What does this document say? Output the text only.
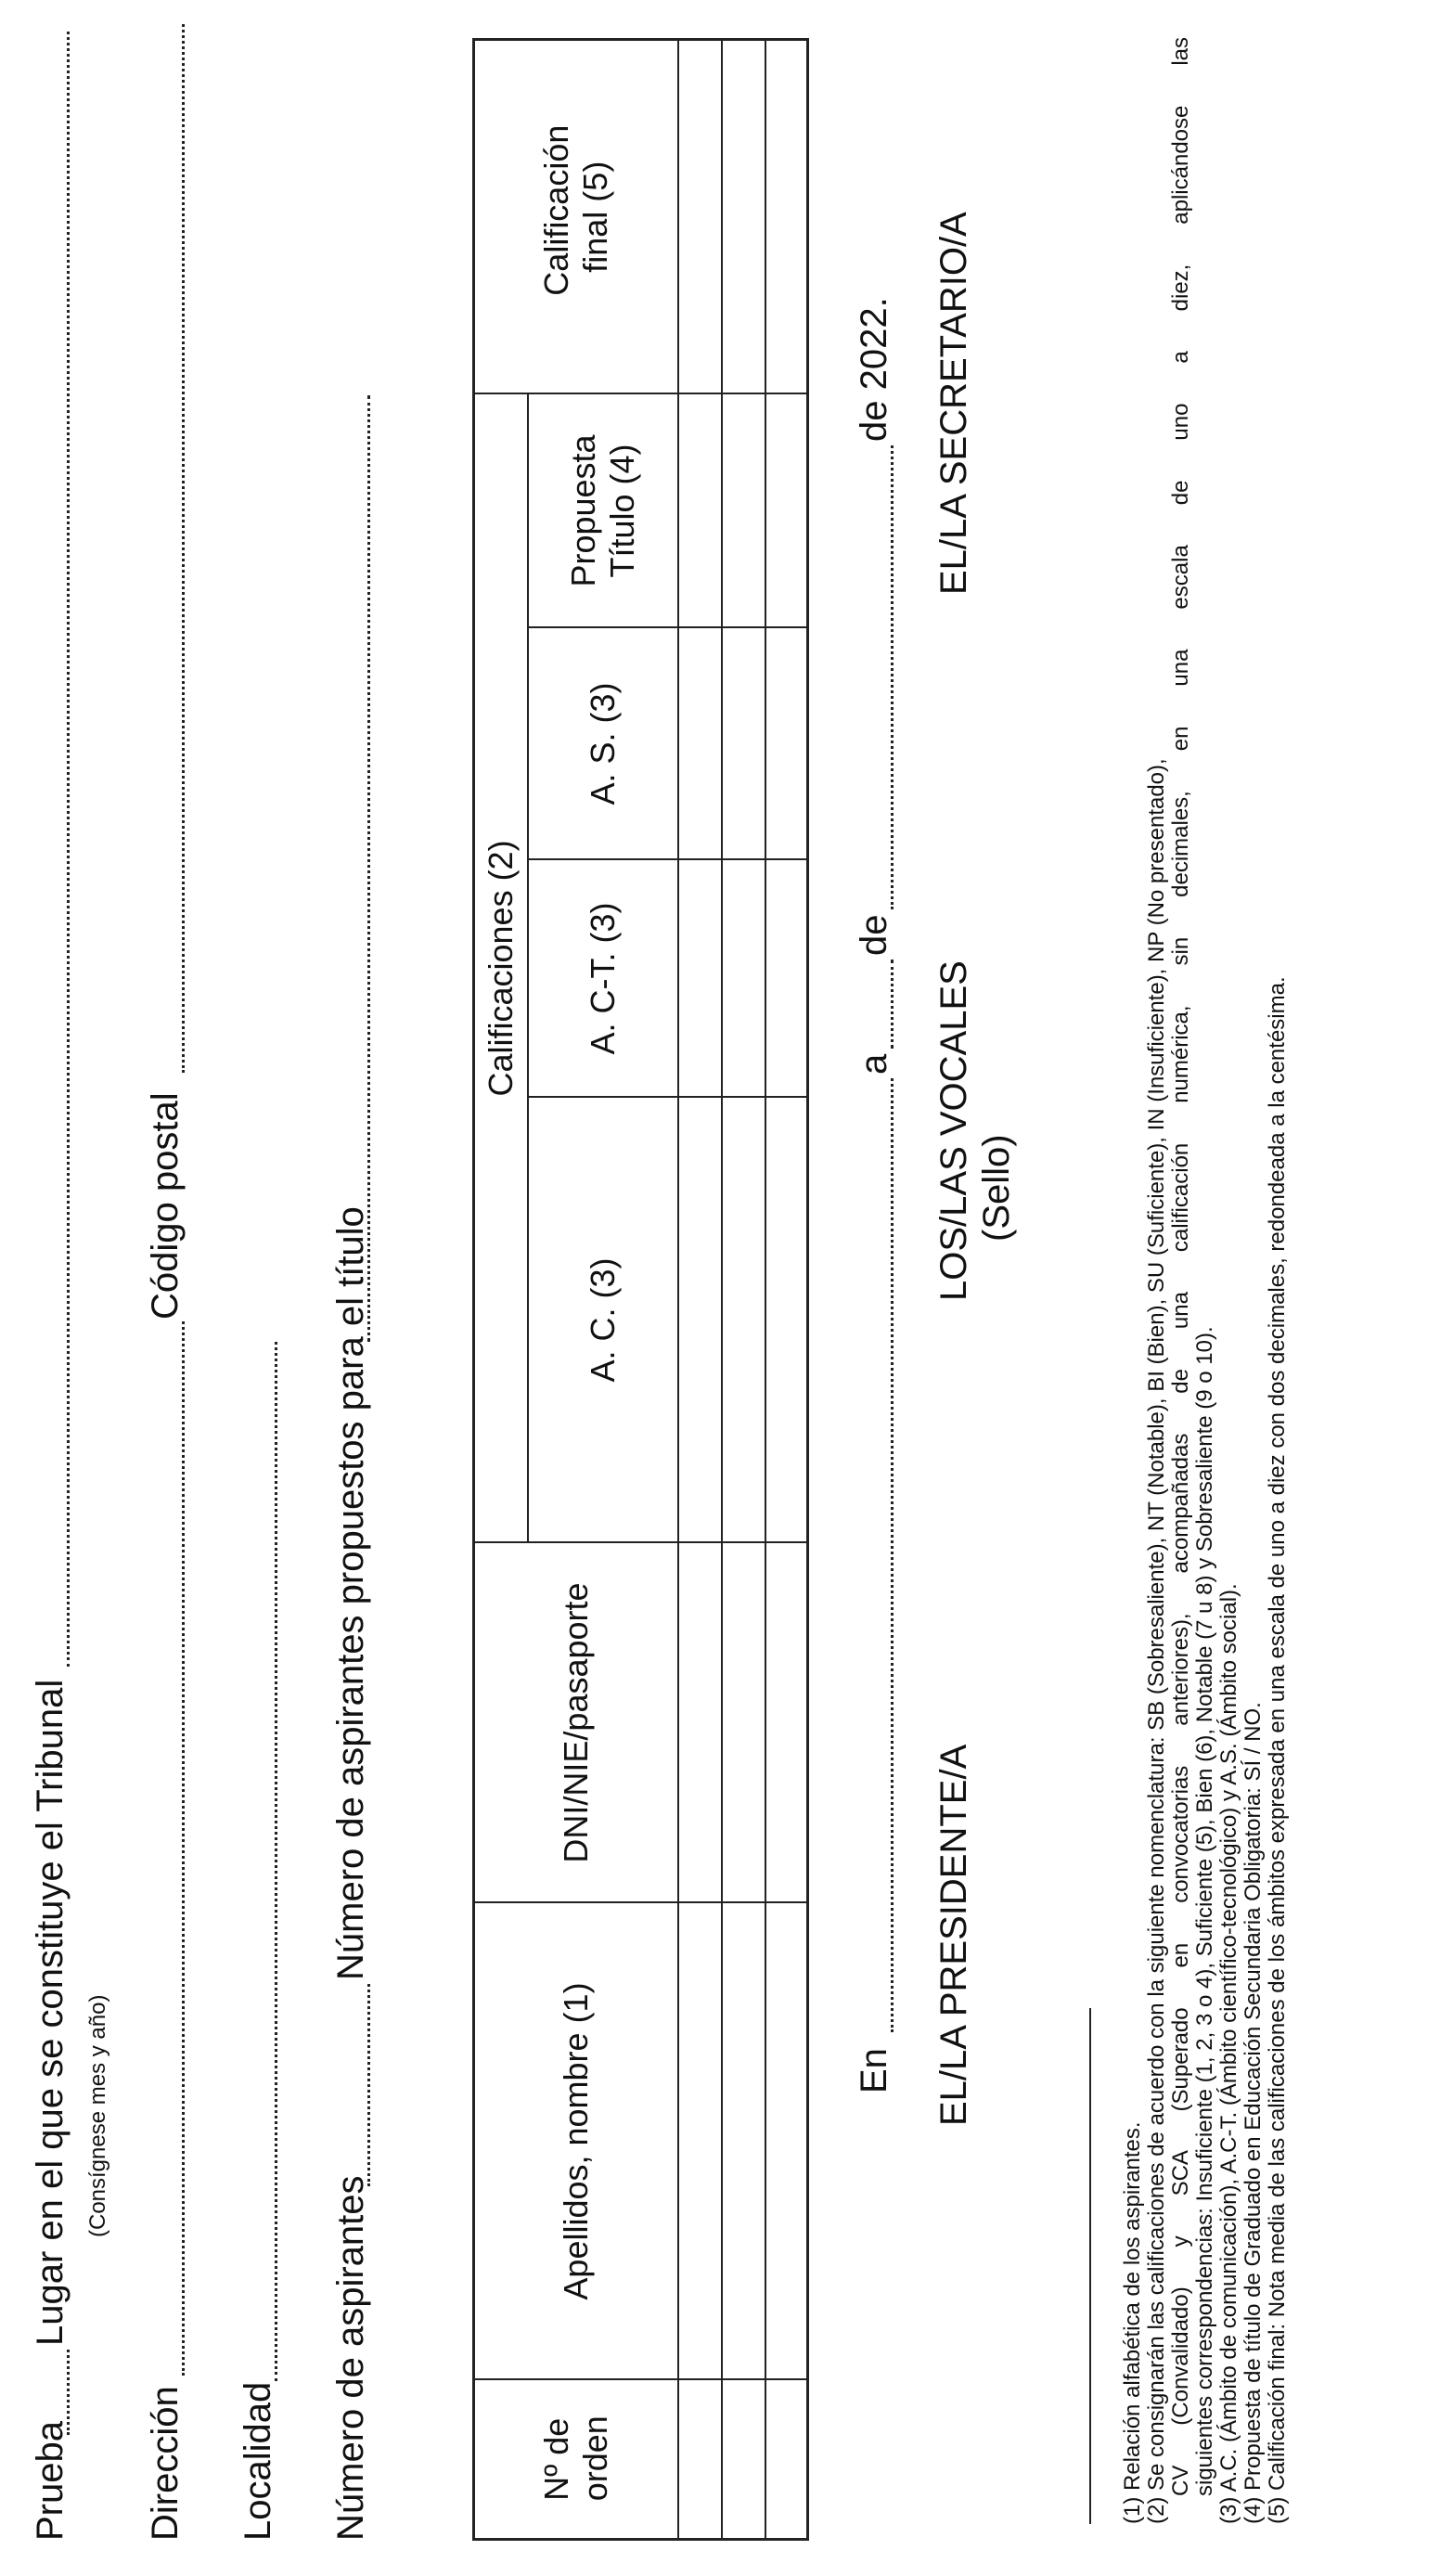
Prueba
Lugar en el que se constituye el Tribunal (Consígnese mes y año)
Dirección
Código postal
Localidad Número de aspirantes
Número de aspirantes propuestos para el título
Nº de orden	Apellidos, nombre (1)	DNI/NIE/pasaporte	Calificaciones (2)				Calificación final (5)

			A. C. (3)	A. C-T. (3)	A. S. (3)	Propuesta Título (4)	

En
a
de
de 2022.
EL/LA PRESIDENTE/A
LOS/LAS VOCALES (Sello)
EL/LA SECRETARIO/A
(1) Relación alfabética de los aspirantes. (2) Se consignarán las calificaciones de acuerdo con la siguiente nomenclatura: SB (Sobresaliente), NT (Notable), BI (Bien), SU (Suficiente), IN (Insuficiente), NP (No presentado), CV (Convalidado) y SCA (Superado en convocatorias anteriores), acompañadas de una calificación numérica, sin decimales, en una escala de uno a diez, aplicándose las siguientes correspondencias: Insuficiente (1, 2, 3 o 4), Suficiente (5), Bien (6), Notable (7 u 8) y Sobresaliente (9 o 10). (3) A.C. (Ámbito de comunicación), A.C-T. (Ámbito científico-tecnológico) y A.S. (Ámbito social). (4) Propuesta de título de Graduado en Educación Secundaria Obligatoria: SÍ / NO. (5) Calificación final: Nota media de las calificaciones de los ámbitos expresada en una escala de uno a diez con dos decimales, redondeada a la centésima.
